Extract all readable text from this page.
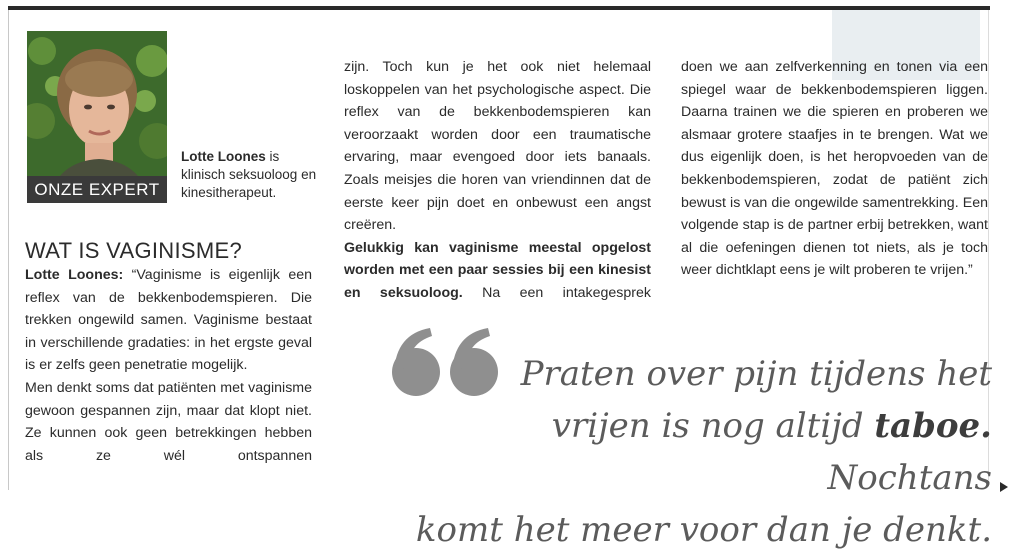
ONZE EXPERT
Lotte Loones is klinisch seksuoloog en kinesitherapeut.
WAT IS VAGINISME?

Lotte Loones: “Vaginisme is eigenlijk een reflex van de bekkenbodemspieren. Die trekken ongewild samen. Vaginisme bestaat in verschillende gradaties: in het ergste geval is er zelfs geen penetratie mogelijk.

Men denkt soms dat patiënten met vaginisme gewoon gespannen zijn, maar dat klopt niet. Ze kunnen ook geen betrekkingen hebben als ze wél ontspannen

zijn. Toch kun je het ook niet helemaal loskoppelen van het psychologische aspect. Die reflex van de bekkenbodemspieren kan veroorzaakt worden door een traumatische ervaring, maar evengoed door iets banaals. Zoals meisjes die horen van vriendinnen dat de eerste keer pijn doet en onbewust een angst creëren.

Gelukkig kan vaginisme meestal opgelost worden met een paar sessies bij een kinesist en seksuoloog. Na een intakegesprek

doen we aan zelfverkenning en tonen via een spiegel waar de bekkenbodemspieren liggen. Daarna trainen we die spieren en proberen we alsmaar grotere staafjes in te brengen. Wat we dus eigenlijk doen, is het heropvoeden van de bekkenbodemspieren, zodat de patiënt zich bewust is van die ongewilde samentrekking. Een volgende stap is de partner erbij betrekken, want al die oefeningen dienen tot niets, als je toch weer dichtklapt eens je wilt proberen te vrijen.”

Praten over pijn tijdens het

vrijen is nog altijd taboe. Nochtans

komt het meer voor dan je denkt.
